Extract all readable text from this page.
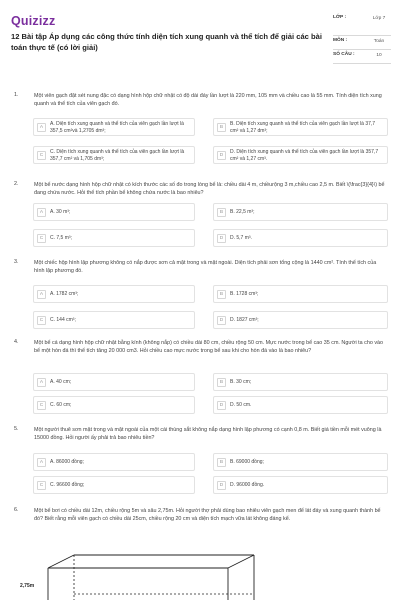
Quizizz
12 Bài tập Áp dụng các công thức tính diện tích xung quanh và thể tích để giải các bài toán thực tế (có lời giải)
LỚP :	Lớp 7
MÔN :	Toán
SỐ CÂU :	10
1.	Một viên gạch đặt sét nung đặc có dạng hình hộp chữ nhật có độ dài đáy lần lượt là 220 mm, 105 mm và chiều cao là 55 mm. Tính diện tích xung quanh và thể tích của viên gạch đó.
A
A. Diện tích xung quanh và thể tích của viên gạch lần lượt là 357,5 cm²và 1,2705 dm³;
B
B. Diện tích xung quanh và thể tích của viên gạch lần lượt là 37,7 cm² và 1,27 dm³;
C
C. Diện tích xung quanh và thể tích của viên gạch lần lượt là 357,7 cm² và 1,705 dm³;
D
D. Diện tích xung quanh và thể tích của viên gạch lần lượt là 357,7 cm² và 1,27 cm³.
2.	Một bể nước dạng hình hộp chữ nhật có kích thước các số đo trong lòng bể là: chiều dài 4 m, chiềurộng 3 m,chiều cao 2,5 m. Biết \(\frac{3}{4}\) bể đang chứa nước. Hỏi thể tích phần bể không chứa nước là bao nhiêu?
A	A. 30 m³;	B	B. 22,5 m³;
C	C. 7,5 m³;	D	D. 5,7 m³.
3.	Một chiếc hộp hình lập phương không có nắp được sơn cả mặt trong và mặt ngoài. Diện tích phải sơn tổng cộng là 1440 cm². Tính thể tích của hình lập phương đó.
A	A. 1782 cm³;	B	B. 1728 cm³;
C	C. 144 cm³;	D	D. 1827 cm³;
4.	Một bể cá dạng hình hộp chữ nhật bằng kính (không nắp) có chiều dài 80 cm, chiều rộng 50 cm. Mực nước trong bể cao 35 cm. Người ta cho vào bể một hòn đá thì thể tích tăng 20 000 cm3. Hỏi chiều cao mực nước trong bể sau khi cho hòn đá vào là bao nhiêu?
A	A. 40 cm;	B	B. 30 cm;
C	C. 60 cm;	D	D. 50 cm.
5.	Một người thuê sơn mặt trong và mặt ngoài của một cái thùng sắt không nắp dạng hình lập phương có cạnh 0,8 m. Biết giá tiền mỗi mét vuông là 15000 đồng. Hỏi người ấy phải trả bao nhiêu tiền?
A	A. 86000 đồng;	B	B. 69000 đồng;
C	C. 96600 đồng;	D	D. 96000 đồng.
6.	Một bể bơi có chiều dài 12m, chiều rộng 5m và sâu 2,75m. Hỏi người thợ phải dùng bao nhiêu viên gạch men để lát đáy và xung quanh thành bể đó? Biết rằng mỗi viên gạch có chiều dài 25cm, chiều rộng 20 cm và diện tích mạch vữa lát không đáng kể.
2,75m
